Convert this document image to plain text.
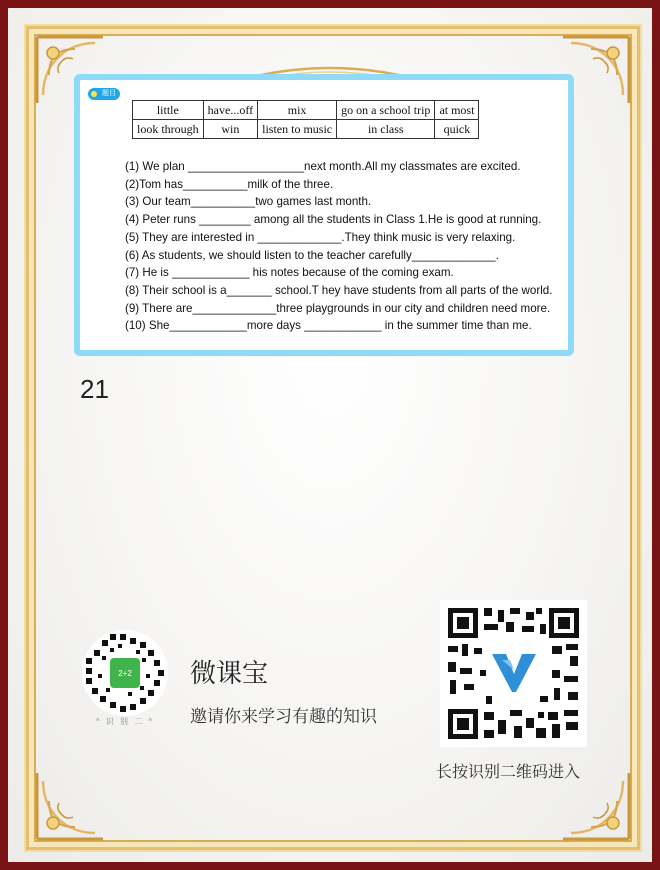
题目
little	have...off	mix	go on a school trip	at most
look through	win	listen to music	in class	quick
(1) We plan __________________next month.All my classmates are excited.
(2)Tom has__________milk of the three.
(3) Our team__________two games last month.
(4) Peter runs ________ among all the students in Class 1.He is good at running.
(5) They are interested in _____________.They think music is very relaxing.
(6) As students, we should listen to the teacher carefully_____________.
(7) He is ____________ his notes because of the coming exam.
(8) Their school is a_______ school.T hey have students from all parts of the world.
(9) There are_____________three playgrounds in our city and children need more.
(10) She____________more days ____________ in the summer time than me.
21
2+2
^ 识 别 二 ^
微课宝
邀请你来学习有趣的知识
长按识别二维码进入
